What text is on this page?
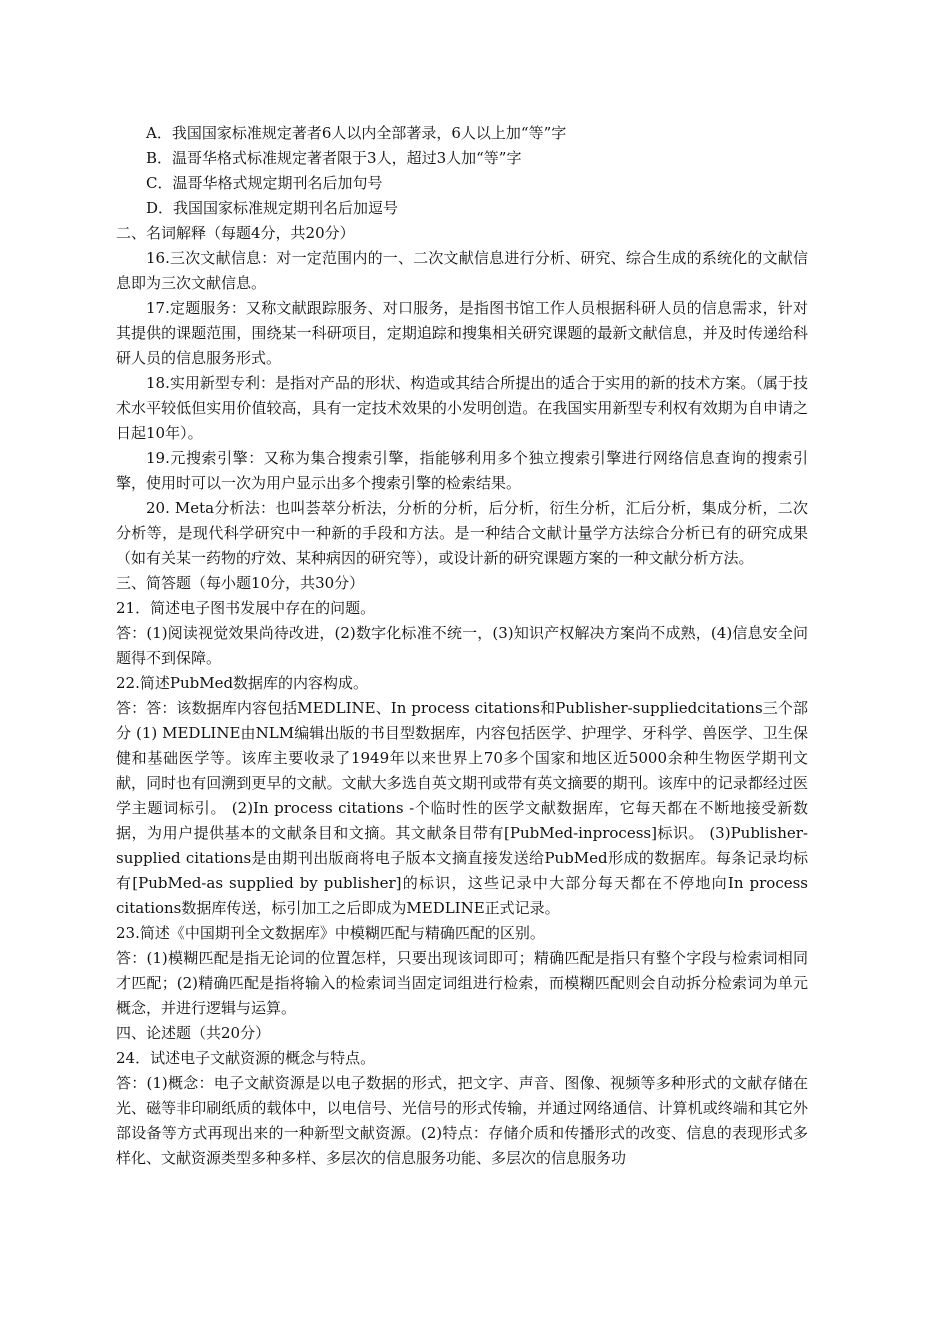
A．我国国家标准规定著者6人以内全部著录，6人以上加“等”字

B．温哥华格式标准规定著者限于3人，超过3人加“等”字

C．温哥华格式规定期刊名后加句号

D．我国国家标准规定期刊名后加逗号

二、名词解释（每题4分，共20分）

16.三次文献信息：对一定范围内的一、二次文献信息进行分析、研究、综合生成的系统化的文献信息即为三次文献信息。

17.定题服务：又称文献跟踪服务、对口服务，是指图书馆工作人员根据科研人员的信息需求，针对其提供的课题范围，围绕某一科研项目，定期追踪和搜集相关研究课题的最新文献信息，并及时传递给科研人员的信息服务形式。

18.实用新型专利：是指对产品的形状、构造或其结合所提出的适合于实用的新的技术方案。（属于技术水平较低但实用价值较高，具有一定技术效果的小发明创造。在我国实用新型专利权有效期为自申请之日起10年）。

19.元搜索引擎：又称为集合搜索引擎，指能够利用多个独立搜索引擎进行网络信息查询的搜索引擎，使用时可以一次为用户显示出多个搜索引擎的检索结果。

20. Meta分析法：也叫荟萃分析法，分析的分析，后分析，衍生分析，汇后分析，集成分析，二次分析等，是现代科学研究中一种新的手段和方法。是一种结合文献计量学方法综合分析已有的研究成果（如有关某一药物的疗效、某种病因的研究等），或设计新的研究课题方案的一种文献分析方法。

三、简答题（每小题10分，共30分）

21．简述电子图书发展中存在的问题。

答：(1)阅读视觉效果尚待改进，(2)数字化标准不统一，(3)知识产权解决方案尚不成熟，(4)信息安全问题得不到保障。

22.简述PubMed数据库的内容构成。

答：答：该数据库内容包括MEDLINE、In process citations和Publisher-suppliedcitations三个部分 (1) MEDLINE由NLM编辑出版的书目型数据库，内容包括医学、护理学、牙科学、兽医学、卫生保健和基础医学等。该库主要收录了1949年以来世界上70多个国家和地区近5000余种生物医学期刊文献，同时也有回溯到更早的文献。文献大多选自英文期刊或带有英文摘要的期刊。该库中的记录都经过医学主题词标引。 (2)In process citations -个临时性的医学文献数据库，它每天都在不断地接受新数据，为用户提供基本的文献条目和文摘。其文献条目带有[PubMed-inprocess]标识。 (3)Publisher-supplied citations是由期刊出版商将电子版本文摘直接发送给PubMed形成的数据库。每条记录均标有[PubMed-as supplied by publisher]的标识，这些记录中大部分每天都在不停地向In process citations数据库传送，标引加工之后即成为MEDLINE正式记录。

23.简述《中国期刊全文数据库》中模糊匹配与精确匹配的区别。

答：(1)模糊匹配是指无论词的位置怎样，只要出现该词即可；精确匹配是指只有整个字段与检索词相同才匹配；(2)精确匹配是指将输入的检索词当固定词组进行检索，而模糊匹配则会自动拆分检索词为单元概念，并进行逻辑与运算。

四、论述题（共20分）

24．试述电子文献资源的概念与特点。

答：(1)概念：电子文献资源是以电子数据的形式，把文字、声音、图像、视频等多种形式的文献存储在光、磁等非印刷纸质的载体中，以电信号、光信号的形式传输，并通过网络通信、计算机或终端和其它外部设备等方式再现出来的一种新型文献资源。(2)特点：存储介质和传播形式的改变、信息的表现形式多样化、文献资源类型多种多样、多层次的信息服务功能、多层次的信息服务功
